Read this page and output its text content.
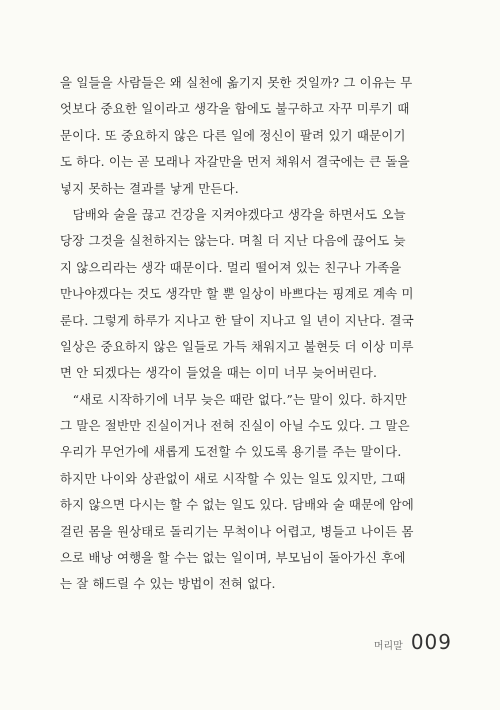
을 일들을 사람들은 왜 실천에 옮기지 못한 것일까? 그 이유는 무
엇보다 중요한 일이라고 생각을 함에도 불구하고 자꾸 미루기 때
문이다. 또 중요하지 않은 다른 일에 정신이 팔려 있기 때문이기
도 하다. 이는 곧 모래나 자갈만을 먼저 채워서 결국에는 큰 돌을
넣지 못하는 결과를 낳게 만든다.
　담배와 술을 끊고 건강을 지켜야겠다고 생각을 하면서도 오늘
당장 그것을 실천하지는 않는다. 며칠 더 지난 다음에 끊어도 늦
지 않으리라는 생각 때문이다. 멀리 떨어져 있는 친구나 가족을
만나야겠다는 것도 생각만 할 뿐 일상이 바쁘다는 핑계로 계속 미
룬다. 그렇게 하루가 지나고 한 달이 지나고 일 년이 지난다. 결국
일상은 중요하지 않은 일들로 가득 채워지고 불현듯 더 이상 미루
면 안 되겠다는 생각이 들었을 때는 이미 너무 늦어버린다.
　“새로 시작하기에 너무 늦은 때란 없다.”는 말이 있다. 하지만
그 말은 절반만 진실이거나 전혀 진실이 아닐 수도 있다. 그 말은
우리가 무언가에 새롭게 도전할 수 있도록 용기를 주는 말이다.
하지만 나이와 상관없이 새로 시작할 수 있는 일도 있지만, 그때
하지 않으면 다시는 할 수 없는 일도 있다. 담배와 술 때문에 암에
걸린 몸을 원상태로 돌리기는 무척이나 어렵고, 병들고 나이든 몸
으로 배낭 여행을 할 수는 없는 일이며, 부모님이 돌아가신 후에
는 잘 해드릴 수 있는 방법이 전혀 없다.
머리말 009
